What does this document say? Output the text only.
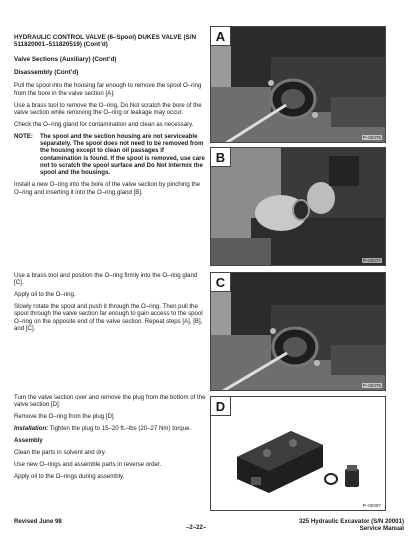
HYDRAULIC CONTROL VALVE (6–Spool) DUKES VALVE (S/N 511820001–511820519) (Cont’d)
Valve Sections (Auxiliary) (Cont’d)
Disassembly (Cont’d)

Pull the spool into the housing far enough to remove the spool O–ring from the bore in the valve section [A].

Use a brass tool to remove the O–ring, Do Not scratch the bore of the valve section while removing the O–ring or leakage may occur.

Check the O–ring gland for contamination and clean as necessary.

NOTE:	The spool and the section housing are not serviceable separately. The spool does not need to be removed from the housing except to clean oil passages if contamination is found. If the spool is removed, use care not to scratch the spool surface and Do Not intermix the spool and the housings.

Install a new O–ring into the bore of the valve section by pinching the O–ring and inserting it into the O–ring gland [B].

Use a brass tool and position the O–ring firmly into the O–ring gland [C].

Apply oil to the O–ring.

Slowly rotate the spool and push it through the O–ring. Then pull the spool through the valve section far enough to gain access to the spool O–ring on the opposite end of the valve section. Repeat steps [A], [B], and [C].

Turn the valve section over and remove the plug from the bottom of the valve section [D].

Remove the O–ring from the plug [D].

Installation: Tighten the plug to 15–20 ft.–lbs (20–27 Nm) torque.

Assembly

Clean the parts in solvent and dry.

Use new O–rings and assemble parts in reverse order.

Apply oil to the O–rings during assembly.

A
P–00275
B
P–00277
C
P–00275
D
P–00297
Revised June 98
–2–22–
325 Hydraulic Excavator (S/N 20001)
Service Manual
